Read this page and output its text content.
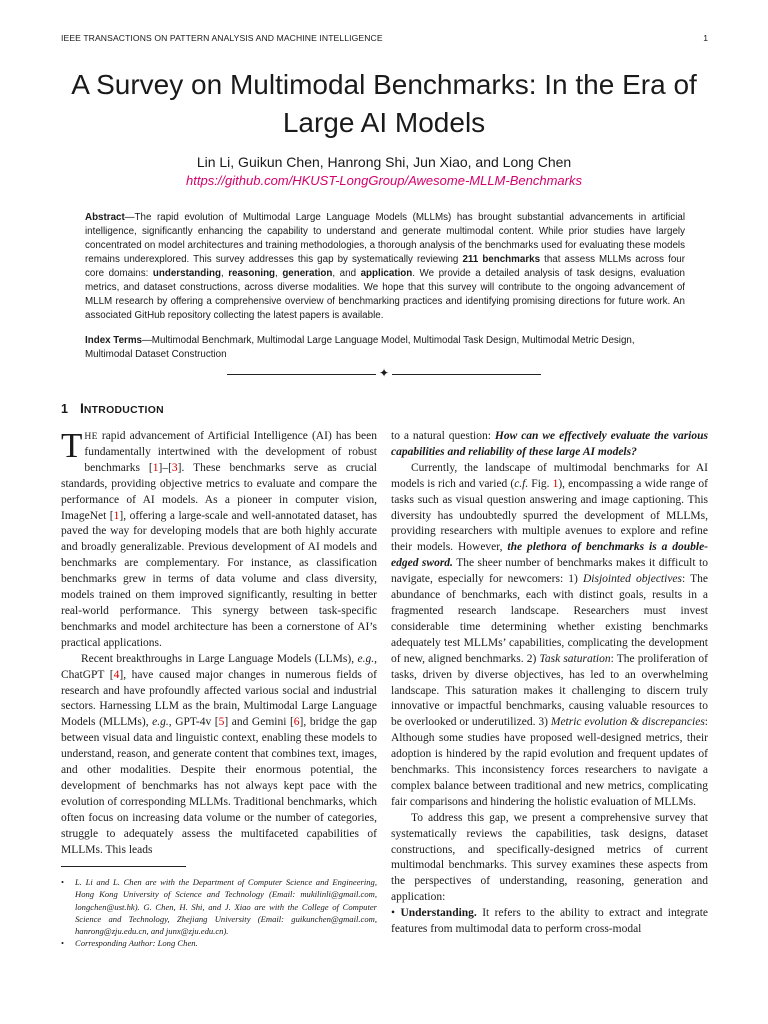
IEEE TRANSACTIONS ON PATTERN ANALYSIS AND MACHINE INTELLIGENCE	1
A Survey on Multimodal Benchmarks: In the Era of Large AI Models
Lin Li, Guikun Chen, Hanrong Shi, Jun Xiao, and Long Chen
https://github.com/HKUST-LongGroup/Awesome-MLLM-Benchmarks

Abstract—The rapid evolution of Multimodal Large Language Models (MLLMs) has brought substantial advancements in artificial intelligence, significantly enhancing the capability to understand and generate multimodal content. While prior studies have largely concentrated on model architectures and training methodologies, a thorough analysis of the benchmarks used for evaluating these models remains underexplored. This survey addresses this gap by systematically reviewing 211 benchmarks that assess MLLMs across four core domains: understanding, reasoning, generation, and application. We provide a detailed analysis of task designs, evaluation metrics, and dataset constructions, across diverse modalities. We hope that this survey will contribute to the ongoing advancement of MLLM research by offering a comprehensive overview of benchmarking practices and identifying promising directions for future work. An associated GitHub repository collecting the latest papers is available.

Index Terms—Multimodal Benchmark, Multimodal Large Language Model, Multimodal Task Design, Multimodal Metric Design, Multimodal Dataset Construction

✦
1 INTRODUCTION

THE rapid advancement of Artificial Intelligence (AI) has been fundamentally intertwined with the development of robust benchmarks [1]–[3]. These benchmarks serve as crucial standards, providing objective metrics to evaluate and compare the performance of AI models. As a pioneer in computer vision, ImageNet [1], offering a large-scale and well-annotated dataset, has paved the way for developing models that are both highly accurate and broadly generalizable. Previous development of AI models and benchmarks are complementary. For instance, as classification benchmarks grew in terms of data volume and class diversity, models trained on them improved significantly, resulting in better real-world performance. This synergy between task-specific benchmarks and model architecture has been a cornerstone of AI’s practical applications.

Recent breakthroughs in Large Language Models (LLMs), e.g., ChatGPT [4], have caused major changes in numerous fields of research and have profoundly affected various social and industrial sectors. Harnessing LLM as the brain, Multimodal Large Language Models (MLLMs), e.g., GPT-4v [5] and Gemini [6], bridge the gap between visual data and linguistic context, enabling these models to understand, reason, and generate content that combines text, images, and other modalities. Despite their enormous potential, the development of benchmarks has not always kept pace with the evolution of corresponding MLLMs. Traditional benchmarks, which often focus on increasing data volume or the number of categories, struggle to adequately assess the multifaceted capabilities of MLLMs. This leads

• L. Li and L. Chen are with the Department of Computer Science and Engineering, Hong Kong University of Science and Technology (Email: mukilinli@gmail.com, longchen@ust.hk). G. Chen, H. Shi, and J. Xiao are with the College of Computer Science and Technology, Zhejiang University (Email: guikunchen@gmail.com, hanrong@zju.edu.cn, and junx@zju.edu.cn).
• Corresponding Author: Long Chen.

to a natural question: How can we effectively evaluate the various capabilities and reliability of these large AI models?

Currently, the landscape of multimodal benchmarks for AI models is rich and varied (c.f. Fig. 1), encompassing a wide range of tasks such as visual question answering and image captioning. This diversity has undoubtedly spurred the development of MLLMs, providing researchers with multiple avenues to explore and refine their models. However, the plethora of benchmarks is a double-edged sword. The sheer number of benchmarks makes it difficult to navigate, especially for newcomers: 1) Disjointed objectives: The abundance of benchmarks, each with distinct goals, results in a fragmented research landscape. Researchers must invest considerable time determining whether existing benchmarks adequately test MLLMs’ capabilities, complicating the development of new, aligned benchmarks. 2) Task saturation: The proliferation of tasks, driven by diverse objectives, has led to an overwhelming landscape. This saturation makes it challenging to discern truly innovative or impactful benchmarks, causing valuable resources to be overlooked or underutilized. 3) Metric evolution & discrepancies: Although some studies have proposed well-designed metrics, their adoption is hindered by the rapid evolution and frequent updates of benchmarks. This inconsistency forces researchers to navigate a complex balance between traditional and new metrics, complicating fair comparisons and hindering the holistic evaluation of MLLMs.

To address this gap, we present a comprehensive survey that systematically reviews the capabilities, task designs, dataset constructions, and specifically-designed metrics of current multimodal benchmarks. This survey examines these aspects from the perspectives of understanding, reasoning, generation and application:

• Understanding. It refers to the ability to extract and integrate features from multimodal data to perform cross-modal
